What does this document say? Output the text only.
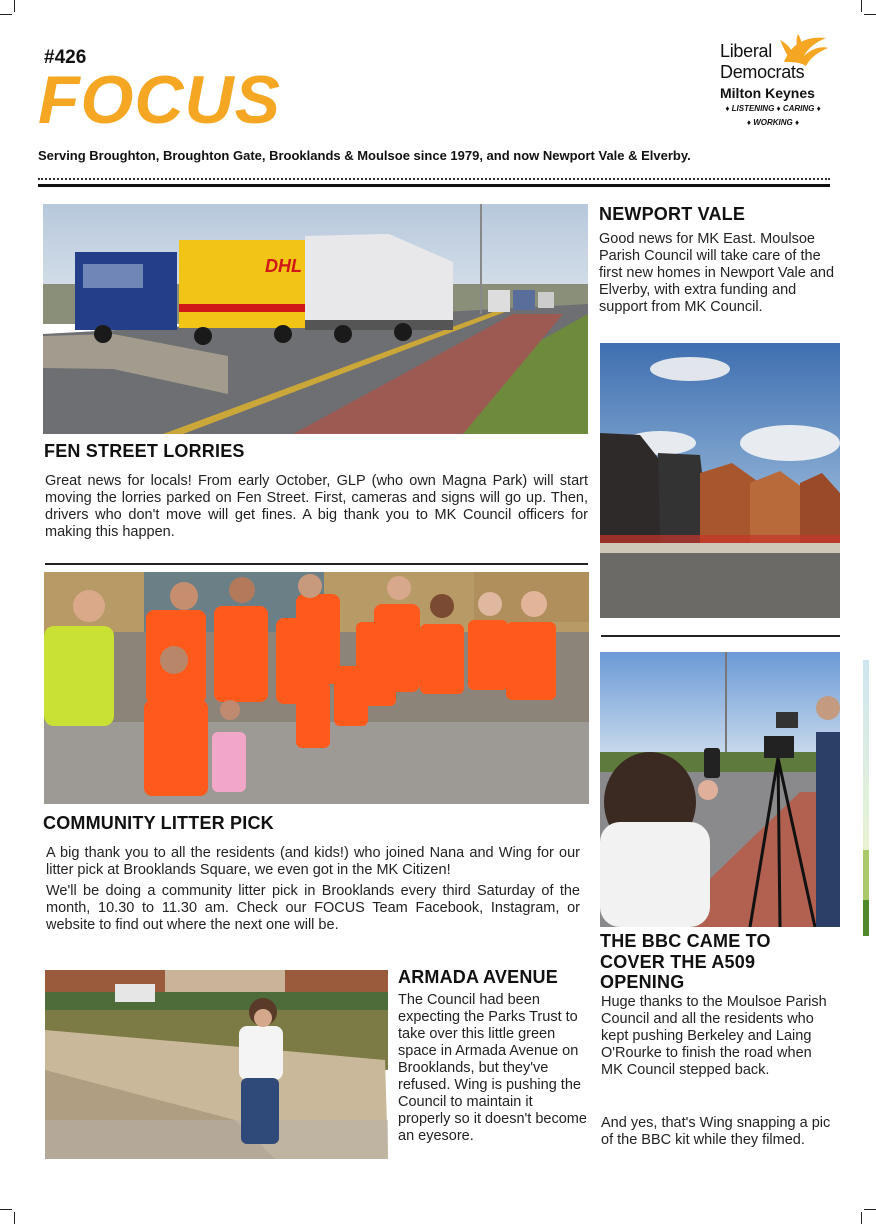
#426
FOCUS
Liberal
Democrats
Milton Keynes
♦ LISTENING ♦ CARING ♦
♦ WORKING ♦
Serving Broughton, Broughton Gate, Brooklands & Moulsoe since 1979, and now Newport Vale & Elverby.
DHL
FEN STREET LORRIES
Great news for locals! From early October, GLP (who own Magna Park) will start moving the lorries parked on Fen Street. First, cameras and signs will go up. Then, drivers who don't move will get fines. A big thank you to MK Council officers for making this happen.
COMMUNITY LITTER PICK
A big thank you to all the residents (and kids!) who joined Nana and Wing for our litter pick at Brooklands Square, we even got in the MK Citizen!
We'll be doing a community litter pick in Brooklands every third Saturday of the month, 10.30 to 11.30 am. Check our FOCUS Team Facebook, Instagram, or website to find out where the next one will be.
ARMADA AVENUE
The Council had been expecting the Parks Trust to take over this little green space in Armada Avenue on Brooklands, but they've refused. Wing is pushing the Council to maintain it properly so it doesn't become an eyesore.
NEWPORT VALE
Good news for MK East. Moulsoe Parish Council will take care of the first new homes in Newport Vale and Elverby, with extra funding and support from MK Council.
THE BBC CAME TO COVER THE A509 OPENING
Huge thanks to the Moulsoe Parish Council and all the residents who kept pushing Berkeley and Laing O'Rourke to finish the road when MK Council stepped back.
And yes, that's Wing snapping a pic of the BBC kit while they filmed.
